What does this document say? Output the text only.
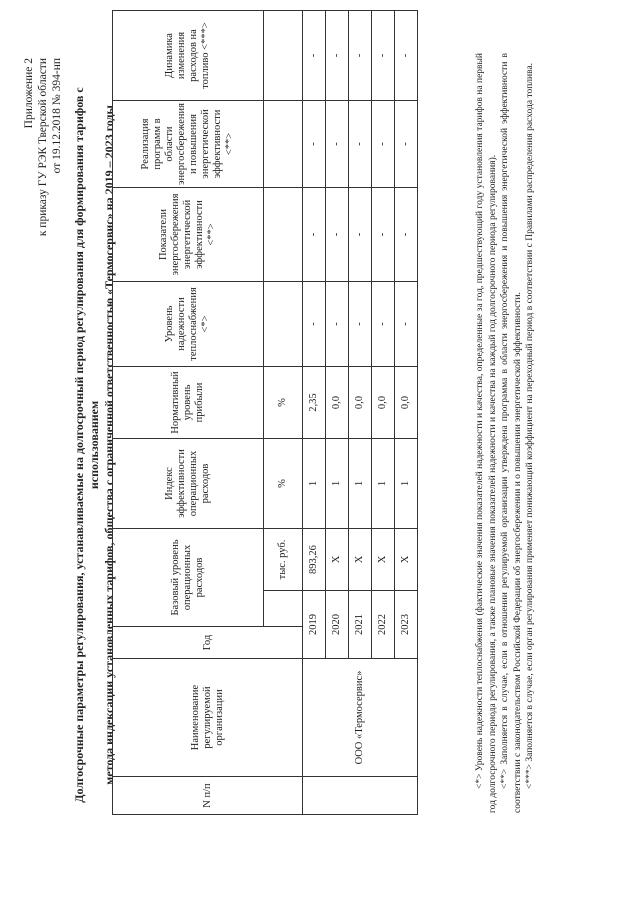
Приложение 2 к приказу ГУ РЭК Тверской области от 19.12.2018 № 394-нп Долгосрочные параметры регулирования, устанавливаемые на долгосрочный период регулирования для формирования тарифов с использованием метода индексации установленных тарифов, общества с ограниченной ответственностью «Термосервис» на 2019 – 2023 годы
N п/п	Наименование регулируемой организации	Год	Базовый уровень операционных расходов		Индекс эффективности операционных расходов	Нормативный уровень прибыли	Уровень надежности теплоснабжения <*>	Показатели энергосбережения энергетической эффективности <**>	Реализация программ в области энергосбережения и повышения энергетической эффективности <**>	Динамика изменения расходов на топливо <***>
				тыс. руб.	%	%				
	ООО «Термосервис»	2019		893,26	1	2,35	-	-	-	-
		2020		Х	1	0,0	-	-	-	-
		2021		Х	1	0,0	-	-	-	-
		2022		Х	1	0,0	-	-	-	-
		2023		Х	1	0,0	-	-	-	-	<*> Уровень надежности теплоснабжения (фактические значения показателей надежности и качества, определенные за год, предшествующий году установления тарифов на первый год долгосрочного периода регулирования, а также плановые значения показателей надежности и качества на каждый год долгосрочного периода регулирования). <**> Заполняется в случае, если в отношении регулируемой организации утверждена программа в области энергосбережения и повышения энергетической эффективности в соответствии с законодательством Российской Федерации об энергосбережении и о повышении энергетической эффективности. <***> Заполняется в случае, если орган регулирования применяет понижающий коэффициент на переходный период в соответствии с Правилами распределения расхода топлива.
